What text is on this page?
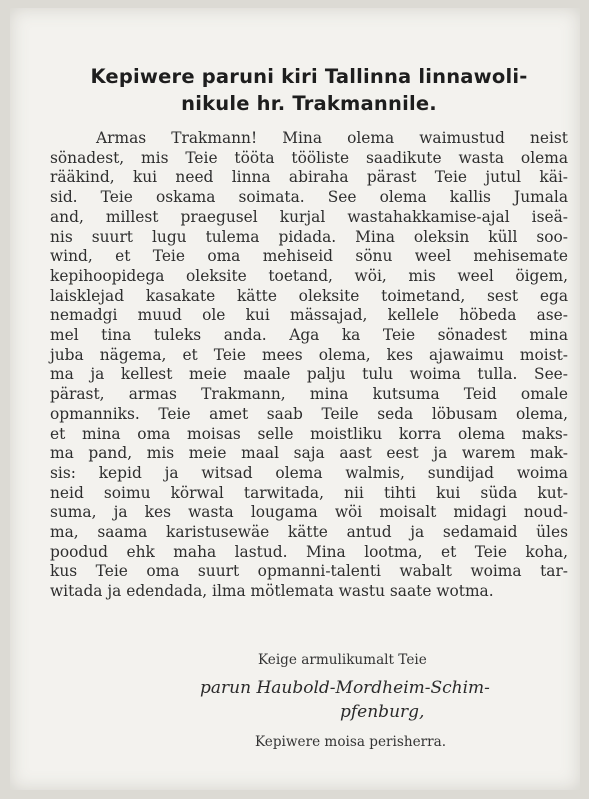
Kepiwere paruni kiri Tallinna linnawoli-
nikule hr. Trakmannile.
Armas Trakmann! Mina olema waimustud neist
sönadest, mis Teie tööta tööliste saadikute wasta olema
rääkind, kui need linna abiraha pärast Teie jutul käi-
sid. Teie oskama soimata. See olema kallis Jumala
and, millest praegusel kurjal wastahakkamise-ajal iseä-
nis suurt lugu tulema pidada. Mina oleksin küll soo-
wind, et Teie oma mehiseid sönu weel mehisemate
kepihoopidega oleksite toetand, wöi, mis weel öigem,
laisklejad kasakate kätte oleksite toimetand, sest ega
nemadgi muud ole kui mässajad, kellele höbeda ase-
mel tina tuleks anda. Aga ka Teie sönadest mina
juba nägema, et Teie mees olema, kes ajawaimu moist-
ma ja kellest meie maale palju tulu woima tulla. See-
pärast, armas Trakmann, mina kutsuma Teid omale
opmanniks. Teie amet saab Teile seda löbusam olema,
et mina oma moisas selle moistliku korra olema maks-
ma pand, mis meie maal saja aast eest ja warem mak-
sis: kepid ja witsad olema walmis, sundijad woima
neid soimu körwal tarwitada, nii tihti kui süda kut-
suma, ja kes wasta lougama wöi moisalt midagi noud-
ma, saama karistusewäe kätte antud ja sedamaid üles
poodud ehk maha lastud. Mina lootma, et Teie koha,
kus Teie oma suurt opmanni-talenti wabalt woima tar-
witada ja edendada, ilma mötlemata wastu saate wotma.
Keige armulikumalt Teie
parun Haubold-Mordheim-Schim-
pfenburg,
Kepiwere moisa perisherra.
